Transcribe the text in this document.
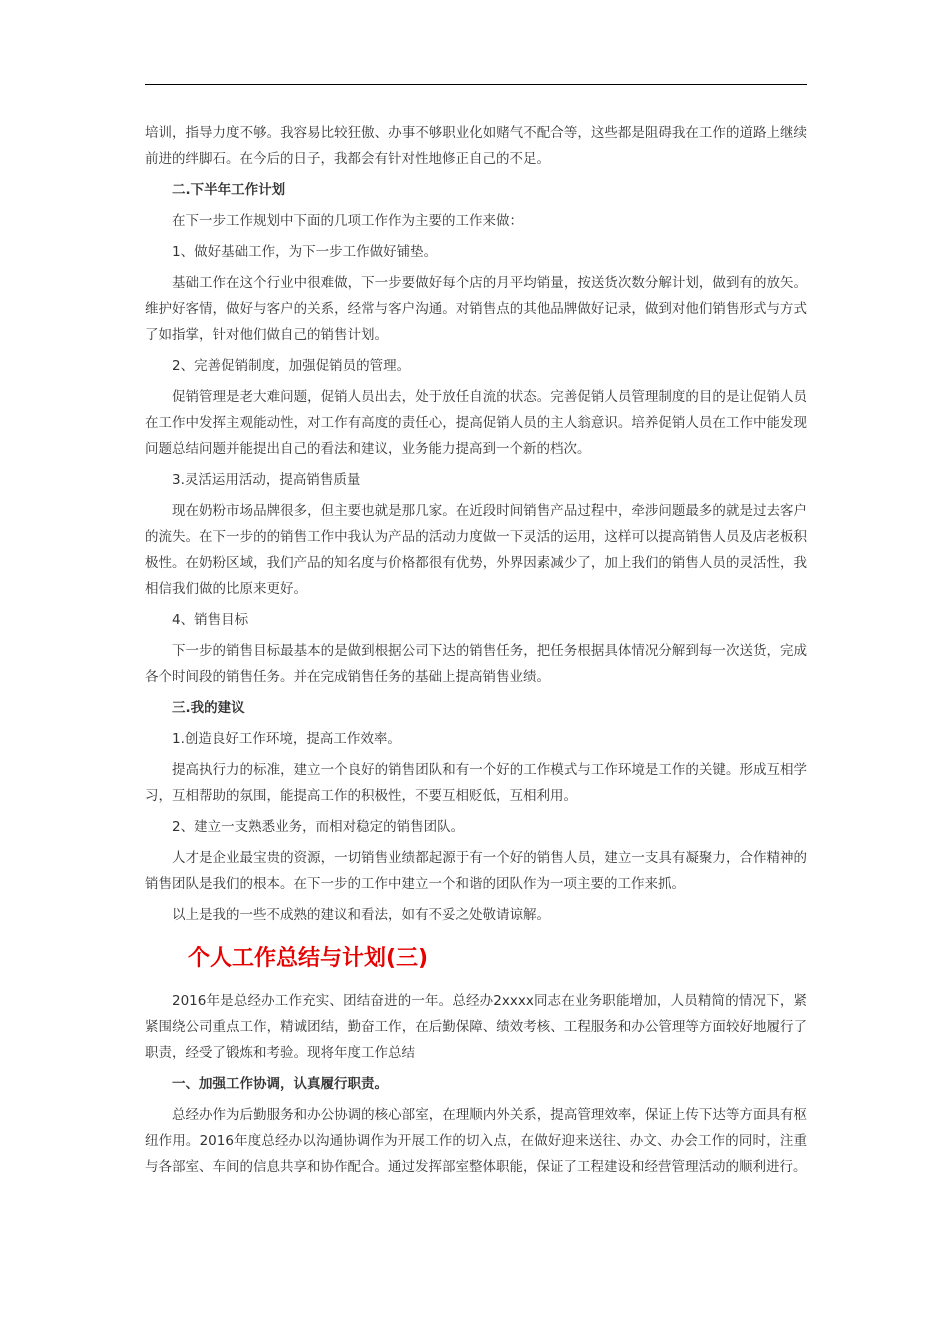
培训，指导力度不够。我容易比较狂傲、办事不够职业化如赌气不配合等，这些都是阻碍我在工作的道路上继续前进的绊脚石。在今后的日子，我都会有针对性地修正自己的不足。

二.下半年工作计划

在下一步工作规划中下面的几项工作作为主要的工作来做：

1、做好基础工作，为下一步工作做好铺垫。

基础工作在这个行业中很难做，下一步要做好每个店的月平均销量，按送货次数分解计划，做到有的放矢。维护好客情，做好与客户的关系，经常与客户沟通。对销售点的其他品牌做好记录，做到对他们销售形式与方式了如指掌，针对他们做自己的销售计划。

2、完善促销制度，加强促销员的管理。

促销管理是老大难问题，促销人员出去，处于放任自流的状态。完善促销人员管理制度的目的是让促销人员在工作中发挥主观能动性，对工作有高度的责任心，提高促销人员的主人翁意识。培养促销人员在工作中能发现问题总结问题并能提出自己的看法和建议，业务能力提高到一个新的档次。

3.灵活运用活动，提高销售质量

现在奶粉市场品牌很多，但主要也就是那几家。在近段时间销售产品过程中，牵涉问题最多的就是过去客户的流失。在下一步的的销售工作中我认为产品的活动力度做一下灵活的运用，这样可以提高销售人员及店老板积极性。在奶粉区域，我们产品的知名度与价格都很有优势，外界因素减少了，加上我们的销售人员的灵活性，我相信我们做的比原来更好。

4、销售目标

下一步的销售目标最基本的是做到根据公司下达的销售任务，把任务根据具体情况分解到每一次送货，完成各个时间段的销售任务。并在完成销售任务的基础上提高销售业绩。

三.我的建议

1.创造良好工作环境，提高工作效率。

提高执行力的标准，建立一个良好的销售团队和有一个好的工作模式与工作环境是工作的关键。形成互相学习，互相帮助的氛围，能提高工作的积极性，不要互相贬低，互相利用。

2、建立一支熟悉业务，而相对稳定的销售团队。

人才是企业最宝贵的资源，一切销售业绩都起源于有一个好的销售人员，建立一支具有凝聚力，合作精神的销售团队是我们的根本。在下一步的工作中建立一个和谐的团队作为一项主要的工作来抓。

以上是我的一些不成熟的建议和看法，如有不妥之处敬请谅解。

个人工作总结与计划(三)

2016年是总经办工作充实、团结奋进的一年。总经办2xxxx同志在业务职能增加，人员精简的情况下，紧紧围绕公司重点工作，精诚团结，勤奋工作，在后勤保障、绩效考核、工程服务和办公管理等方面较好地履行了职责，经受了锻炼和考验。现将年度工作总结

一、加强工作协调，认真履行职责。

总经办作为后勤服务和办公协调的核心部室，在理顺内外关系，提高管理效率，保证上传下达等方面具有枢纽作用。2016年度总经办以沟通协调作为开展工作的切入点，在做好迎来送往、办文、办会工作的同时，注重与各部室、车间的信息共享和协作配合。通过发挥部室整体职能，保证了工程建设和经营管理活动的顺利进行。
